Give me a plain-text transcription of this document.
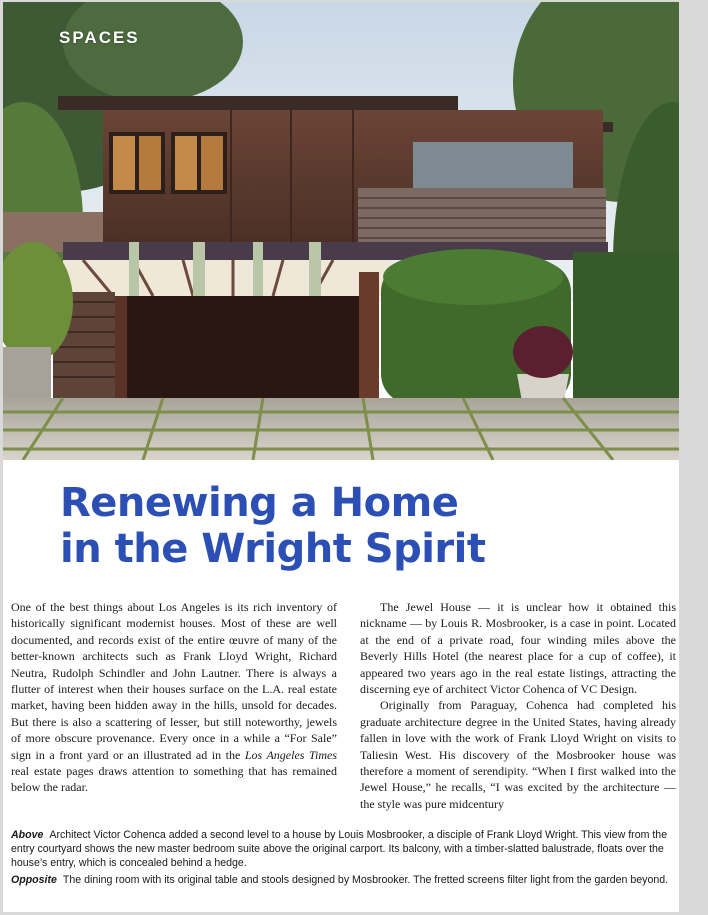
SPACES
Renewing a Home
in the Wright Spirit

One of the best things about Los Angeles is its rich inventory of historically significant modernist houses. Most of these are well documented, and records exist of the entire œuvre of many of the better-known architects such as Frank Lloyd Wright, Richard Neutra, Rudolph Schindler and John Lautner. There is always a flutter of interest when their houses surface on the L.A. real estate market, having been hidden away in the hills, unsold for decades. But there is also a scattering of lesser, but still noteworthy, jewels of more obscure provenance. Every once in a while a “For Sale” sign in a front yard or an illustrated ad in the Los Angeles Times real estate pages draws attention to something that has remained below the radar.

The Jewel House — it is unclear how it obtained this nickname — by Louis R. Mosbrooker, is a case in point. Located at the end of a private road, four winding miles above the Beverly Hills Hotel (the nearest place for a cup of coffee), it appeared two years ago in the real estate listings, attracting the discerning eye of architect Victor Cohenca of VC Design.

Originally from Paraguay, Cohenca had completed his graduate architecture degree in the United States, having already fallen in love with the work of Frank Lloyd Wright on visits to Taliesin West. His discovery of the Mosbrooker house was therefore a moment of serendipity. “When I first walked into the Jewel House,” he recalls, “I was excited by the architecture — the style was pure midcentury

Above Architect Victor Cohenca added a second level to a house by Louis Mosbrooker, a disciple of Frank Lloyd Wright. This view from the entry courtyard shows the new master bedroom suite above the original carport. Its balcony, with a timber-slatted balustrade, floats over the house’s entry, which is concealed behind a hedge.

Opposite The dining room with its original table and stools designed by Mosbrooker. The fretted screens filter light from the garden beyond.
